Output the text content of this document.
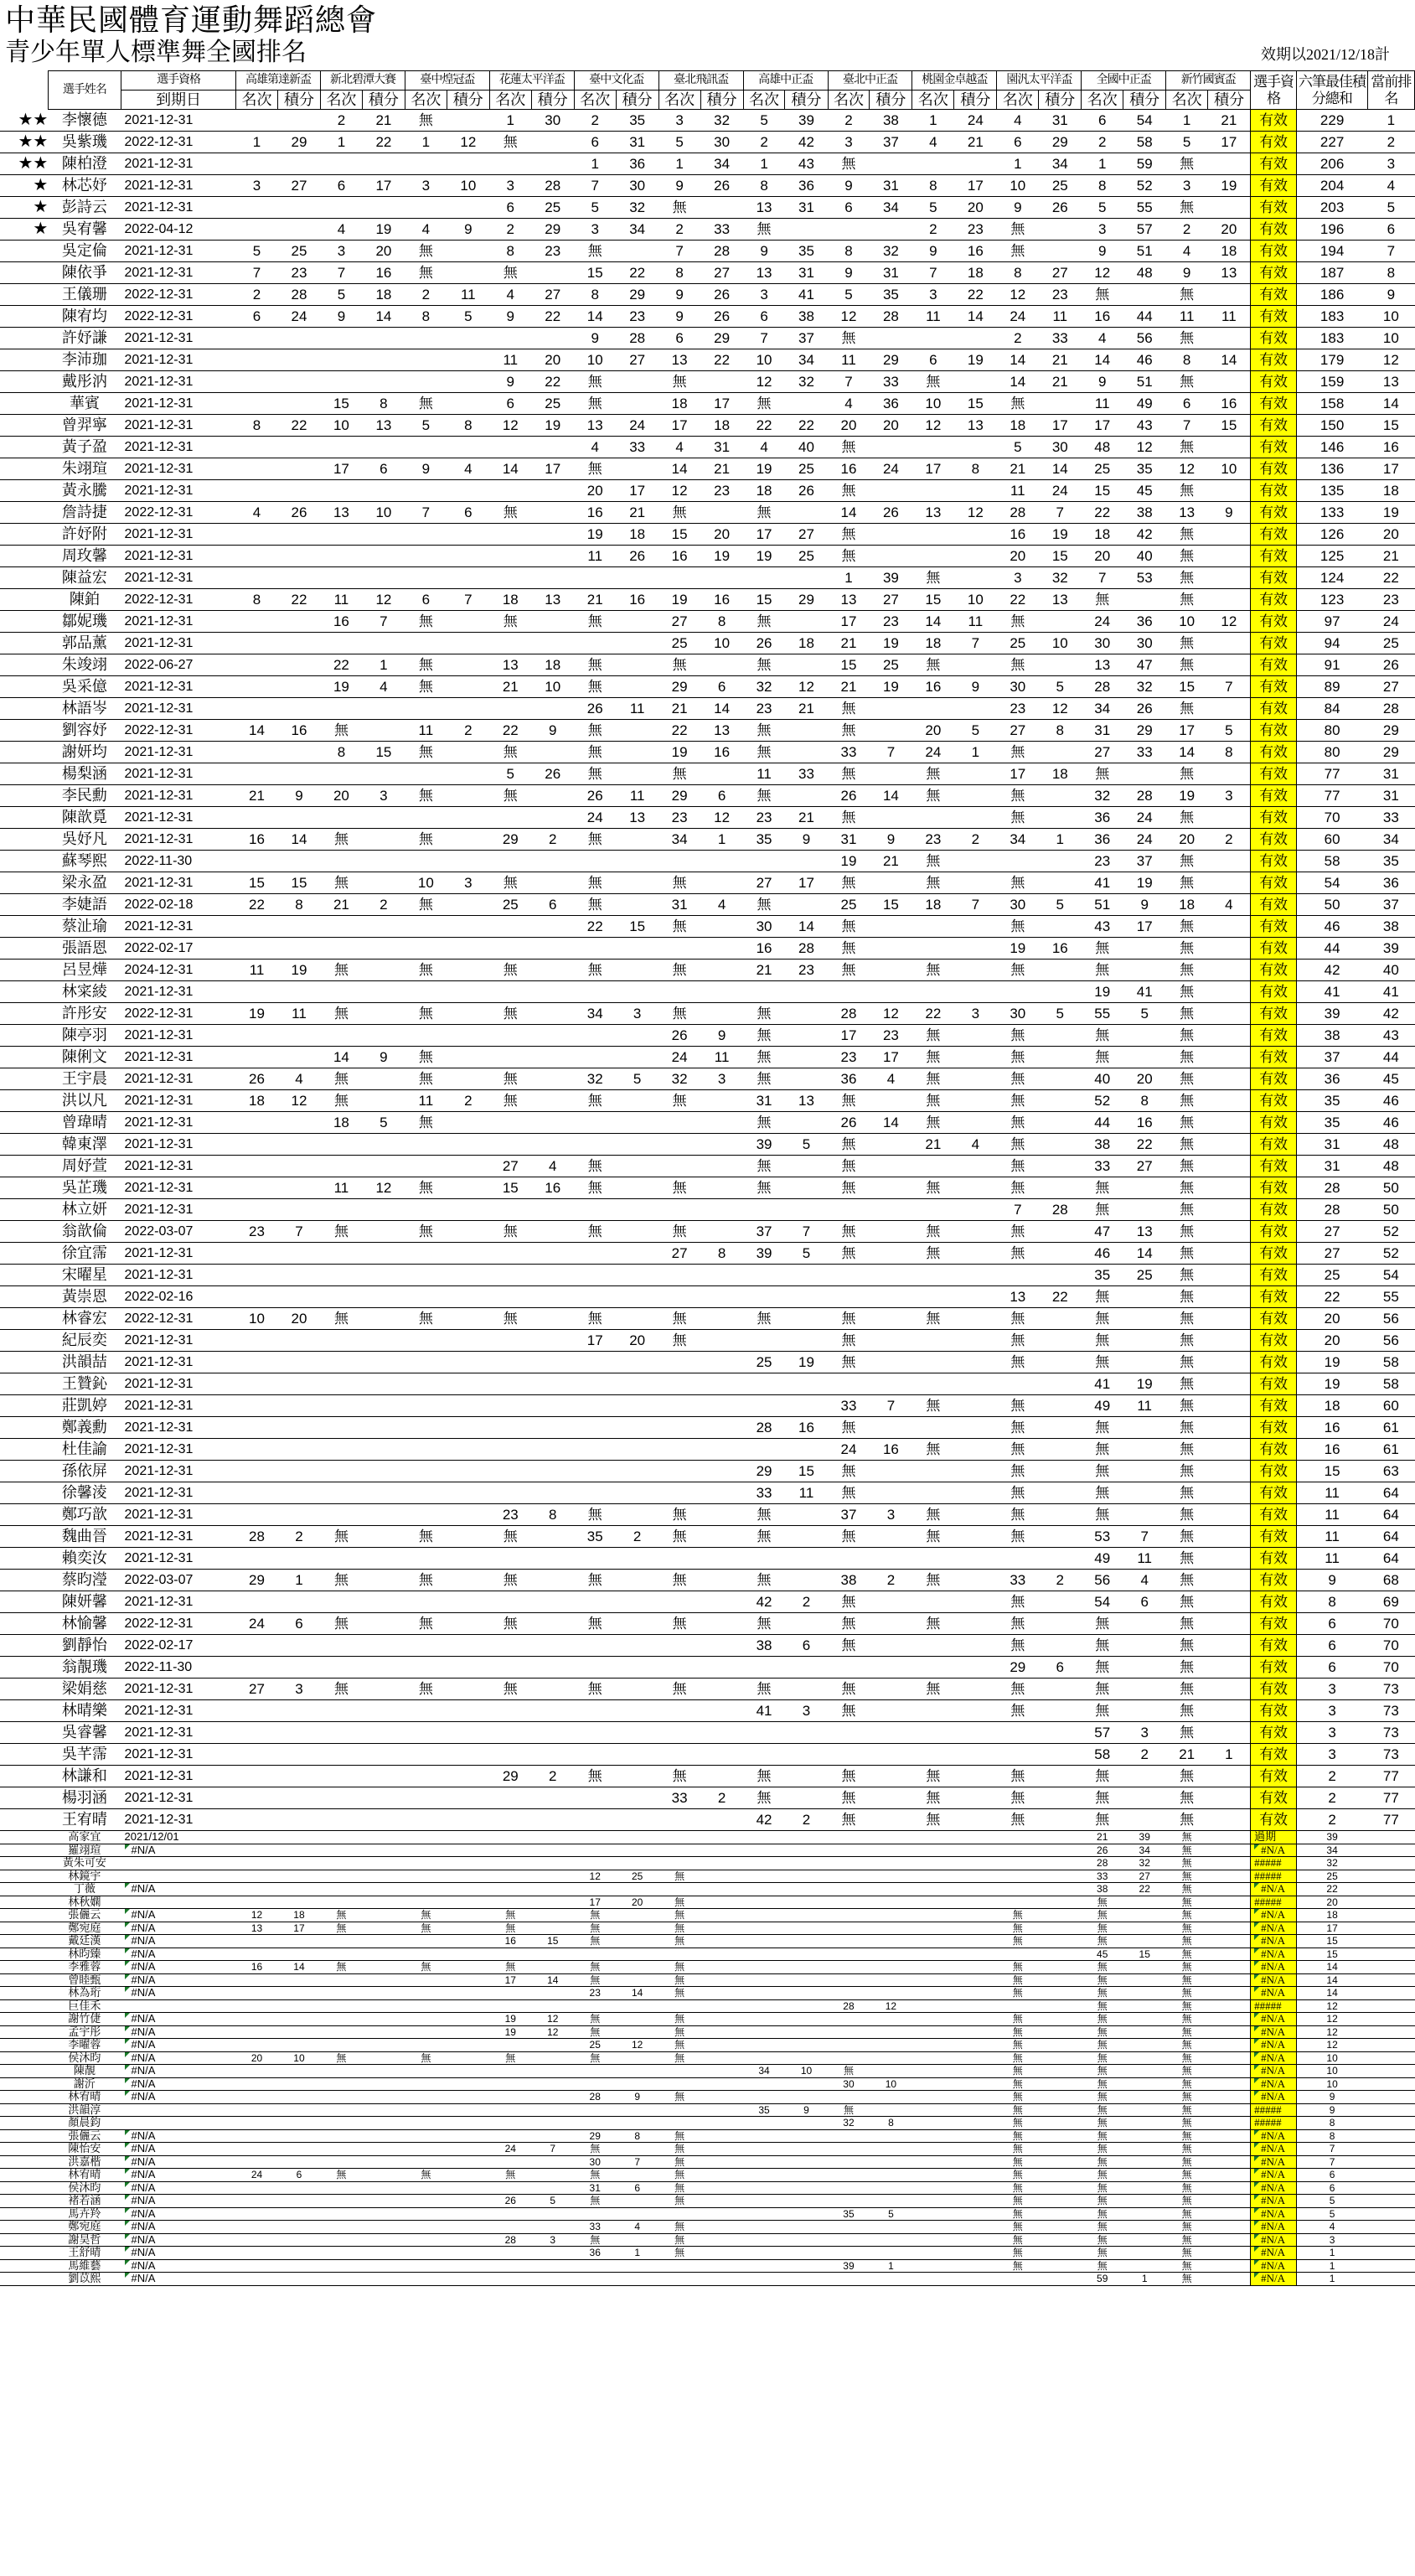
中華民國體育運動舞蹈總會
青少年單人標準舞全國排名	效期以2021/12/18計
	選手姓名	選手資格	高雄第達新盃		新北碧潭大賽		臺中煌冠盃		花蓮太平洋盃		臺中文化盃		臺北飛訊盃		高雄中正盃		臺北中正盃		桃園金卓越盃		園汎太平洋盃		全國中正盃		新竹國賓盃		選手資格	六筆最佳積分總和	當前排名
		到期日	名次	積分	名次	積分	名次	積分	名次	積分	名次	積分	名次	積分	名次	積分	名次	積分	名次	積分	名次	積分	名次	積分	名次	積分			
★★	李懷德	2021-12-31			2	21	無		1	30	2	35	3	32	5	39	2	38	1	24	4	31	6	54	1	21	有效	229	1
★★	吳紫璣	2022-12-31	1	29	1	22	1	12	無		6	31	5	30	2	42	3	37	4	21	6	29	2	58	5	17	有效	227	2
★★	陳柏澄	2021-12-31									1	36	1	34	1	43	無				1	34	1	59	無		有效	206	3
★	林芯妤	2021-12-31	3	27	6	17	3	10	3	28	7	30	9	26	8	36	9	31	8	17	10	25	8	52	3	19	有效	204	4
★	彭詩云	2021-12-31							6	25	5	32	無		13	31	6	34	5	20	9	26	5	55	無		有效	203	5
★	吳宥馨	2022-04-12			4	19	4	9	2	29	3	34	2	33	無				2	23	無		3	57	2	20	有效	196	6
	吳定倫	2021-12-31	5	25	3	20	無		8	23	無		7	28	9	35	8	32	9	16	無		9	51	4	18	有效	194	7
	陳依爭	2021-12-31	7	23	7	16	無		無		15	22	8	27	13	31	9	31	7	18	8	27	12	48	9	13	有效	187	8
	王儀珊	2022-12-31	2	28	5	18	2	11	4	27	8	29	9	26	3	41	5	35	3	22	12	23	無		無		有效	186	9
	陳宥均	2022-12-31	6	24	9	14	8	5	9	22	14	23	9	26	6	38	12	28	11	14	24	11	16	44	11	11	有效	183	10
	許妤謙	2021-12-31									9	28	6	29	7	37	無				2	33	4	56	無		有效	183	10
	李沛珈	2021-12-31							11	20	10	27	13	22	10	34	11	29	6	19	14	21	14	46	8	14	有效	179	12
	戴彤汭	2021-12-31							9	22	無		無		12	32	7	33	無		14	21	9	51	無		有效	159	13
	華賓	2021-12-31			15	8	無		6	25	無		18	17	無		4	36	10	15	無		11	49	6	16	有效	158	14
	曾羿寧	2021-12-31	8	22	10	13	5	8	12	19	13	24	17	18	22	22	20	20	12	13	18	17	17	43	7	15	有效	150	15
	黃子盈	2021-12-31									4	33	4	31	4	40	無				5	30	48	12	無		有效	146	16
	朱翊瑄	2021-12-31			17	6	9	4	14	17	無		14	21	19	25	16	24	17	8	21	14	25	35	12	10	有效	136	17
	黃永騰	2021-12-31									20	17	12	23	18	26	無				11	24	15	45	無		有效	135	18
	詹詩捷	2022-12-31	4	26	13	10	7	6	無		16	21	無		無		14	26	13	12	28	7	22	38	13	9	有效	133	19
	許妤附	2021-12-31									19	18	15	20	17	27	無				16	19	18	42	無		有效	126	20
	周玫馨	2021-12-31									11	26	16	19	19	25	無				20	15	20	40	無		有效	125	21
	陳益宏	2021-12-31															1	39	無		3	32	7	53	無		有效	124	22
	陳鉑	2022-12-31	8	22	11	12	6	7	18	13	21	16	19	16	15	29	13	27	15	10	22	13	無		無		有效	123	23
	鄒妮璣	2021-12-31			16	7	無		無		無		27	8	無		17	23	14	11	無		24	36	10	12	有效	97	24
	郭品薰	2021-12-31											25	10	26	18	21	19	18	7	25	10	30	30	無		有效	94	25
	朱竣翊	2022-06-27			22	1	無		13	18	無		無		無		15	25	無		無		13	47	無		有效	91	26
	吳采億	2021-12-31			19	4	無		21	10	無		29	6	32	12	21	19	16	9	30	5	28	32	15	7	有效	89	27
	林語岑	2021-12-31									26	11	21	14	23	21	無				23	12	34	26	無		有效	84	28
	劉容妤	2022-12-31	14	16	無		11	2	22	9	無		22	13	無		無		20	5	27	8	31	29	17	5	有效	80	29
	謝妍均	2021-12-31			8	15	無		無		無		19	16	無		33	7	24	1	無		27	33	14	8	有效	80	29
	楊梨涵	2021-12-31							5	26	無		無		11	33	無		無		17	18	無		無		有效	77	31
	李民勳	2021-12-31	21	9	20	3	無		無		26	11	29	6	無		26	14	無		無		32	28	19	3	有效	77	31
	陳歆覓	2021-12-31									24	13	23	12	23	21	無				無		36	24	無		有效	70	33
	吳妤凡	2021-12-31	16	14	無		無		29	2	無		34	1	35	9	31	9	23	2	34	1	36	24	20	2	有效	60	34
	蘇琴熙	2022-11-30															19	21	無				23	37	無		有效	58	35
	梁永盈	2021-12-31	15	15	無		10	3	無		無		無		27	17	無		無		無		41	19	無		有效	54	36
	李婕語	2022-02-18	22	8	21	2	無		25	6	無		31	4	無		25	15	18	7	30	5	51	9	18	4	有效	50	37
	蔡沚瑜	2021-12-31									22	15	無		30	14	無				無		43	17	無		有效	46	38
	張語恩	2022-02-17													16	28	無				19	16	無		無		有效	44	39
	呂昱燁	2024-12-31	11	19	無		無		無		無		無		21	23	無		無		無		無		無		有效	42	40
	林寀綾	2021-12-31																					19	41	無		有效	41	41
	許彤安	2022-12-31	19	11	無		無		無		34	3	無		無		28	12	22	3	30	5	55	5	無		有效	39	42
	陳亭羽	2021-12-31											26	9	無		17	23	無		無		無		無		有效	38	43
	陳俐文	2021-12-31			14	9	無						24	11	無		23	17	無		無		無		無		有效	37	44
	王宇晨	2021-12-31	26	4	無		無		無		32	5	32	3	無		36	4	無		無		40	20	無		有效	36	45
	洪以凡	2021-12-31	18	12	無		11	2	無		無		無		31	13	無		無		無		52	8	無		有效	35	46
	曾瑋晴	2021-12-31			18	5	無								無		26	14	無		無		44	16	無		有效	35	46
	韓東澤	2021-12-31													39	5	無		21	4	無		38	22	無		有效	31	48
	周妤萱	2021-12-31							27	4	無				無		無				無		33	27	無		有效	31	48
	吳芷璣	2021-12-31			11	12	無		15	16	無		無		無		無		無		無		無		無		有效	28	50
	林立妍	2021-12-31																			7	28	無		無		有效	28	50
	翁歆倫	2022-03-07	23	7	無		無		無		無		無		37	7	無		無		無		47	13	無		有效	27	52
	徐宜霈	2021-12-31											27	8	39	5	無		無		無		46	14	無		有效	27	52
	宋曜星	2021-12-31																					35	25	無		有效	25	54
	黃崇恩	2022-02-16																			13	22	無		無		有效	22	55
	林睿宏	2022-12-31	10	20	無		無		無		無		無		無		無		無		無		無		無		有效	20	56
	紀辰奕	2021-12-31									17	20	無				無				無		無		無		有效	20	56
	洪韻喆	2021-12-31													25	19	無				無		無		無		有效	19	58
	王贊鈊	2021-12-31																					41	19	無		有效	19	58
	莊凱婷	2021-12-31															33	7	無		無		49	11	無		有效	18	60
	鄭義勳	2021-12-31													28	16	無				無		無		無		有效	16	61
	杜佳諭	2021-12-31															24	16	無		無		無		無		有效	16	61
	孫依屏	2021-12-31													29	15	無				無		無		無		有效	15	63
	徐馨淩	2021-12-31													33	11	無				無		無		無		有效	11	64
	鄭巧歆	2021-12-31							23	8	無		無		無		37	3	無		無		無		無		有效	11	64
	魏曲晉	2021-12-31	28	2	無		無		無		35	2	無		無		無		無		無		53	7	無		有效	11	64
	賴奕汝	2021-12-31																					49	11	無		有效	11	64
	蔡昀瀅	2022-03-07	29	1	無		無		無		無		無		無		38	2	無		33	2	56	4	無		有效	9	68
	陳妍馨	2021-12-31													42	2	無				無		54	6	無		有效	8	69
	林愉馨	2022-12-31	24	6	無		無		無		無		無		無		無		無		無		無		無		有效	6	70
	劉靜怡	2022-02-17													38	6	無				無		無		無		有效	6	70
	翁靚璣	2022-11-30																			29	6	無		無		有效	6	70
	梁娟慈	2021-12-31	27	3	無		無		無		無		無		無		無		無		無		無		無		有效	3	73
	林晴樂	2021-12-31													41	3	無				無		無		無		有效	3	73
	吳睿馨	2021-12-31																					57	3	無		有效	3	73
	吳芊霈	2021-12-31																					58	2	21	1	有效	3	73
	林謙和	2021-12-31							29	2	無		無		無		無		無		無		無		無		有效	2	77
	楊羽涵	2021-12-31											33	2	無		無		無		無		無		無		有效	2	77
	王宥晴	2021-12-31													42	2	無		無		無		無		無		有效	2	77
	高家宜	2021/12/01																					21	39	無		過期	39	
	羅翊瑄	#N/A																					26	34	無		#N/A	34	
	黃朱可安																						28	32	無		#####	32	
	林鏡宇										12	25	無										33	27	無		#####	25	
	丁薇	#N/A																					38	22	無		#N/A	22	
	林秋嫻										17	20	無										無		無		#####	20	
	張儷云	#N/A	12	18	無		無		無		無		無								無		無		無		#N/A	18	
	鄭宛庭	#N/A	13	17	無		無		無		無		無								無		無		無		#N/A	17	
	戴廷漢	#N/A							16	15	無		無								無		無		無		#N/A	15	
	林昀臻	#N/A																					45	15	無		#N/A	15	
	李雅蓉	#N/A	16	14	無		無		無		無		無								無		無		無		#N/A	14	
	曾睦甄	#N/A							17	14	無		無								無		無		無		#N/A	14	
	林為珩	#N/A									23	14	無								無		無		無		#N/A	14	
	巨佳禾																28	12					無		無		#####	12	
	謝竹倢	#N/A							19	12	無		無								無		無		無		#N/A	12	
	孟宇彤	#N/A							19	12	無		無								無		無		無		#N/A	12	
	李曜蓉	#N/A									25	12	無								無		無		無		#N/A	12	
	侯沐昀	#N/A	20	10	無		無		無		無		無								無		無		無		#N/A	10	
	陳靚	#N/A													34	10	無				無		無		無		#N/A	10	
	謝沂	#N/A															30	10			無		無		無		#N/A	10	
	林宥晴	#N/A									28	9	無								無		無		無		#N/A	9	
	洪韻淳														35	9	無				無		無		無		#####	9	
	顏晨鈞																32	8			無		無		無		#####	8	
	張儷云	#N/A									29	8	無								無		無		無		#N/A	8	
	陳怡安	#N/A							24	7	無		無								無		無		無		#N/A	7	
	洪嘉楷	#N/A									30	7	無								無		無		無		#N/A	7	
	林宥晴	#N/A	24	6	無		無		無		無		無								無		無		無		#N/A	6	
	侯沐昀	#N/A									31	6	無								無		無		無		#N/A	6	
	褚若涵	#N/A							26	5	無		無								無		無		無		#N/A	5	
	馬卉羚	#N/A															35	5			無		無		無		#N/A	5	
	鄭宛庭	#N/A									33	4	無								無		無		無		#N/A	4	
	謝昊哲	#N/A							28	3	無		無								無		無		無		#N/A	3	
	王舒晴	#N/A									36	1	無								無		無		無		#N/A	1	
	馬維藝	#N/A															39	1			無		無		無		#N/A	1	
	劉苡熙	#N/A																					59	1	無		#N/A	1	
